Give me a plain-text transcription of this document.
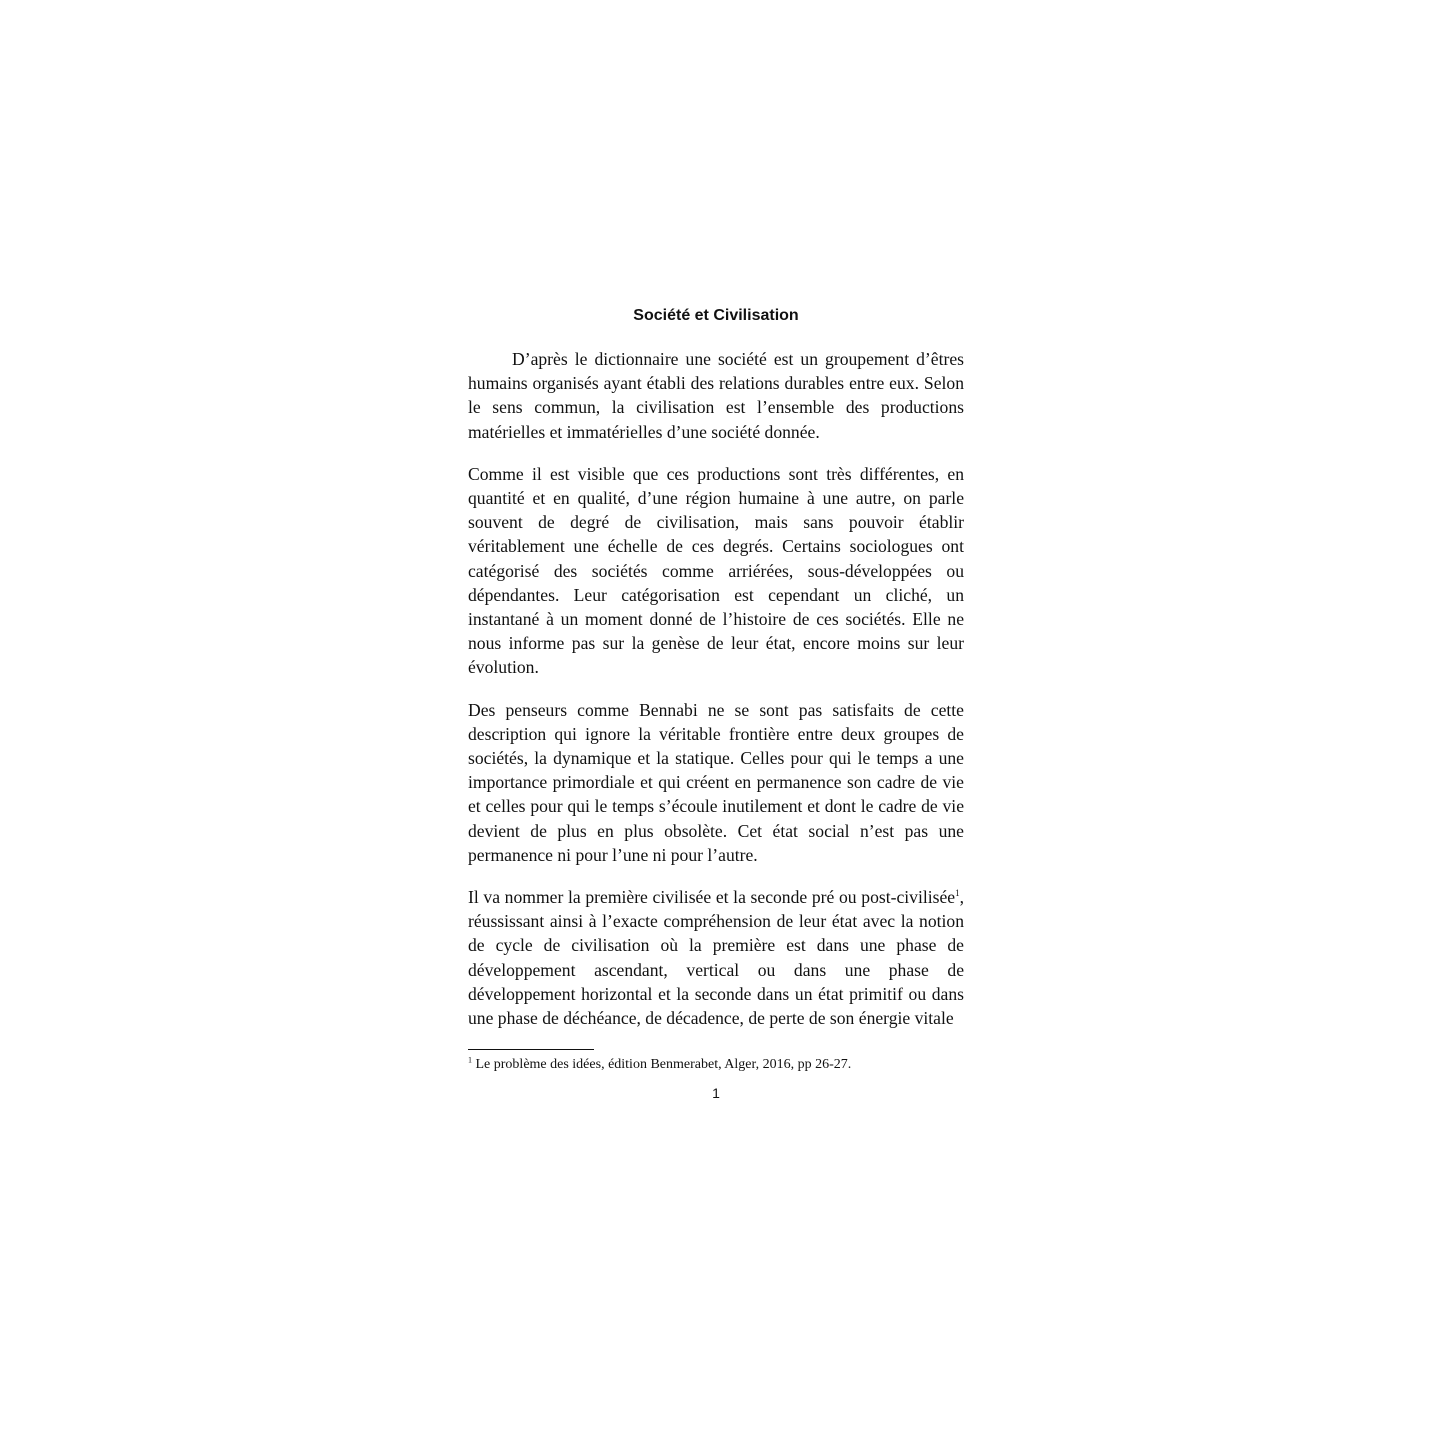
Société et Civilisation

D’après le dictionnaire une société est un groupement d’êtres humains organisés ayant établi des relations durables entre eux. Selon le sens commun, la civilisation est l’ensemble des productions matérielles et immatérielles d’une société donnée.

Comme il est visible que ces productions sont très différentes, en quantité et en qualité, d’une région humaine à une autre, on parle souvent de degré de civilisation, mais sans pouvoir établir véritablement une échelle de ces degrés. Certains sociologues ont catégorisé des sociétés comme arriérées, sous-développées ou dépendantes. Leur catégorisation est cependant un cliché, un instantané à un moment donné de l’histoire de ces sociétés. Elle ne nous informe pas sur la genèse de leur état, encore moins sur leur évolution.

Des penseurs comme Bennabi ne se sont pas satisfaits de cette description qui ignore la véritable frontière entre deux groupes de sociétés, la dynamique et la statique. Celles pour qui le temps a une importance primordiale et qui créent en permanence son cadre de vie et celles pour qui le temps s’écoule inutilement et dont le cadre de vie devient de plus en plus obsolète. Cet état social n’est pas une permanence ni pour l’une ni pour l’autre.

Il va nommer la première civilisée et la seconde pré ou post-civilisée$^1$, réussissant ainsi à l’exacte compréhension de leur état avec la notion de cycle de civilisation où la première est dans une phase de développement ascendant, vertical ou dans une phase de développement horizontal et la seconde dans un état primitif ou dans une phase de déchéance, de décadence, de perte de son énergie vitale

$^1$ Le problème des idées, édition Benmerabet, Alger, 2016, pp 26-27.

1
